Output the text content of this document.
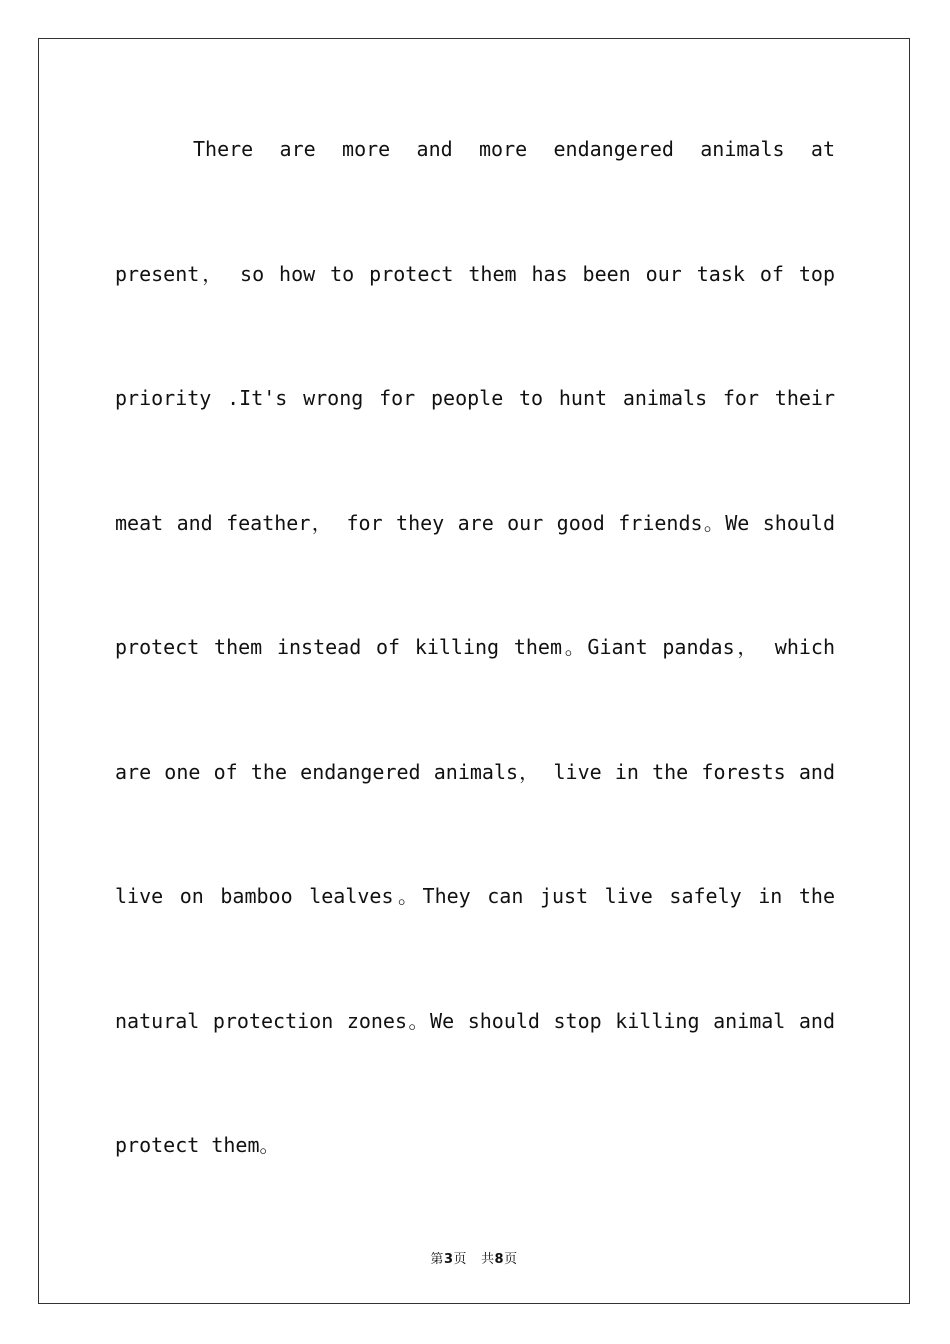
There are more and more endangered animals at
present， so how to protect them has been our task of top
priority .It's wrong for people to hunt animals for their
meat and feather， for they are our good friends。We should
protect them instead of killing them。Giant pandas， which
are one of the endangered animals， live in the forests and
live on bamboo lealves。They can just live safely in the
natural protection zones。We should stop killing animal and
protect them。
第3页 共8页
